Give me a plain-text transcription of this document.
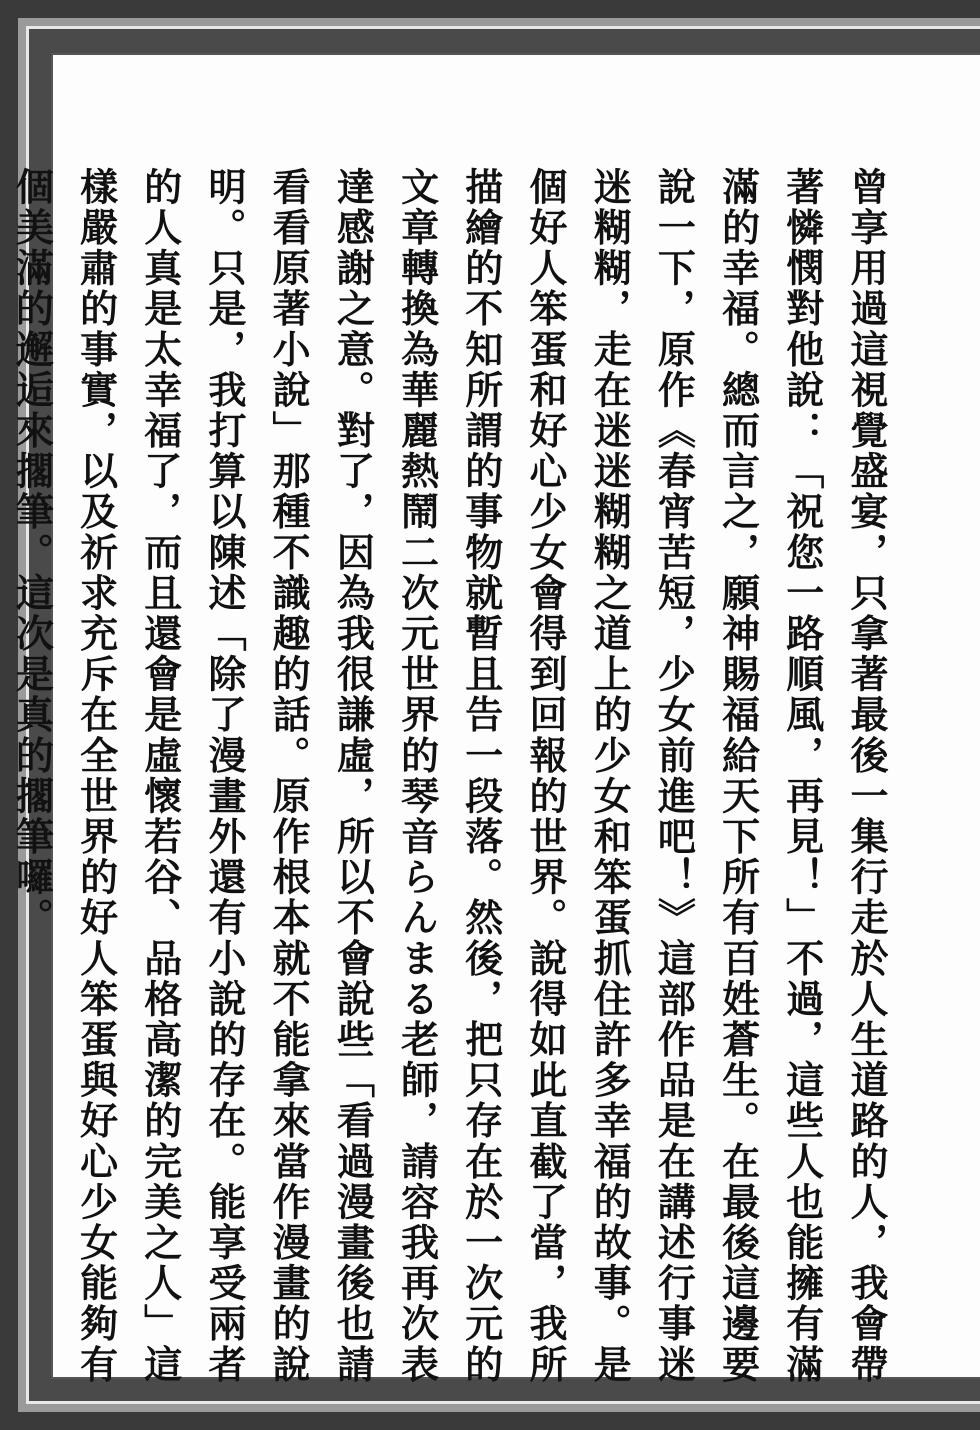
曾享用過這視覺盛宴，只拿著最後一集行走於人生道路的人，我會帶著憐憫對他說：「祝您一路順風，再見！」不過，這些人也能擁有滿滿的幸福。總而言之，願神賜福給天下所有百姓蒼生。在最後這邊要說一下，原作《春宵苦短，少女前進吧！》這部作品是在講述行事迷迷糊糊，走在迷迷糊糊之道上的少女和笨蛋抓住許多幸福的故事。是個好人笨蛋和好心少女會得到回報的世界。說得如此直截了當，我所描繪的不知所謂的事物就暫且告一段落。然後，把只存在於一次元的文章轉換為華麗熱鬧二次元世界的琴音らんまる老師，請容我再次表達感謝之意。對了，因為我很謙虛，所以不會說些「看過漫畫後也請看看原著小說」那種不識趣的話。原作根本就不能拿來當作漫畫的說明。只是，我打算以陳述「除了漫畫外還有小說的存在。能享受兩者的人真是太幸福了，而且還會是虛懷若谷、品格高潔的完美之人」這樣嚴肅的事實，以及祈求充斥在全世界的好人笨蛋與好心少女能夠有個美滿的邂逅來擱筆。這次是真的擱筆囉。
